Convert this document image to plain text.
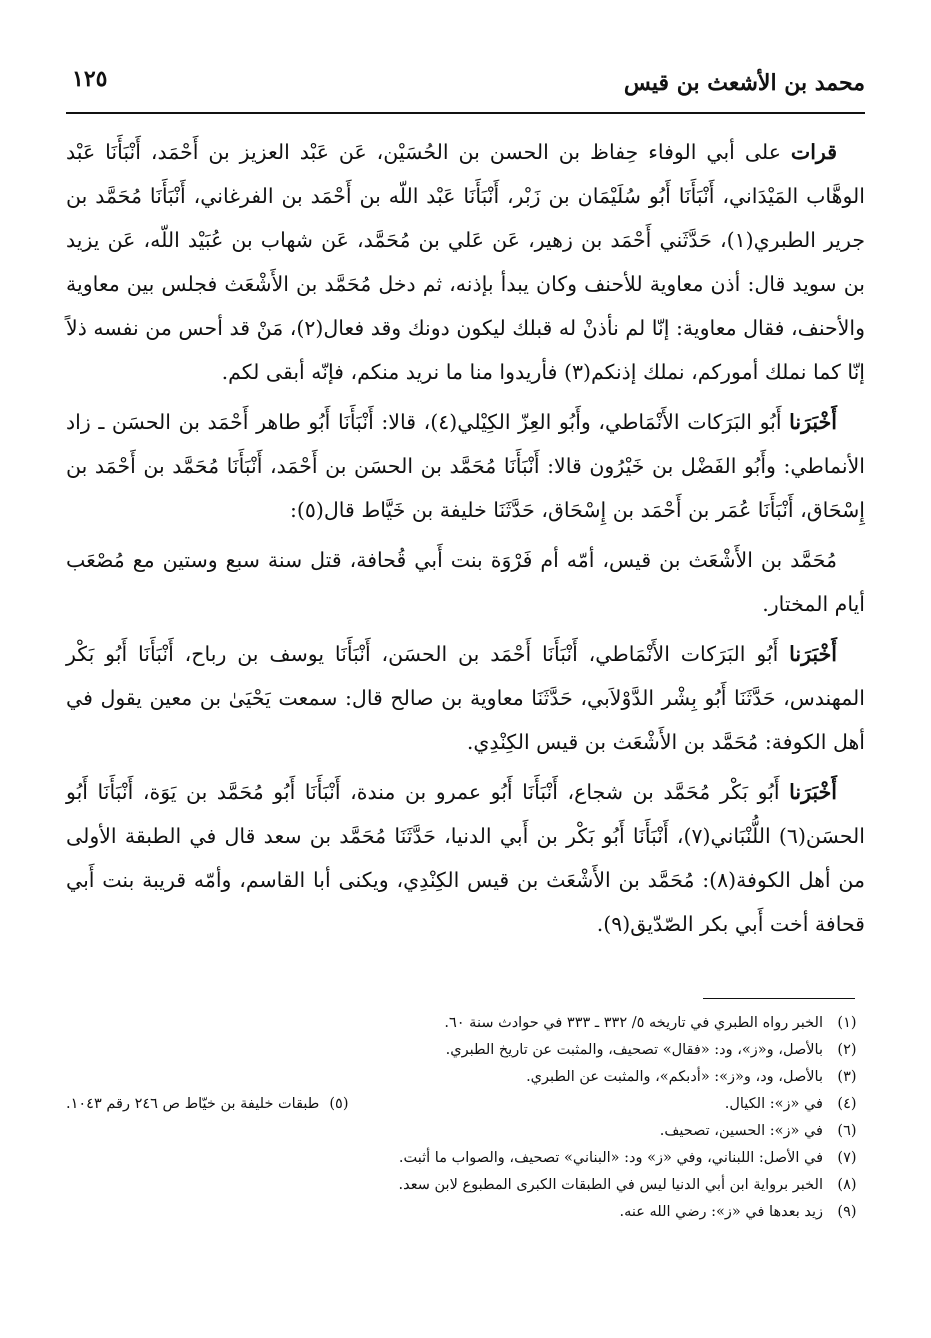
محمد بن الأشعث بن قيس
١٢٥

قرات على أبي الوفاء حِفاظ بن الحسن بن الحُسَيْن، عَن عَبْد العزيز بن أَحْمَد، أَنْبَأَنَا عَبْد الوهَّاب المَيْدَاني، أَنْبَأَنَا أَبُو سُلَيْمَان بن زَبْر، أَنْبَأَنَا عَبْد اللّه بن أَحْمَد بن الفرغاني، أَنْبَأَنَا مُحَمَّد بن جرير الطبري(١)، حَدَّثَني أَحْمَد بن زهير، عَن عَلي بن مُحَمَّد، عَن شهاب بن عُبَيْد اللّه، عَن يزيد بن سويد قال: أذن معاوية للأحنف وكان يبدأ بإذنه، ثم دخل مُحَمَّد بن الأَشْعَث فجلس بين معاوية والأحنف، فقال معاوية: إنّا لم نأذنْ له قبلك ليكون دونك وقد فعال(٢)، مَنْ قد أحس من نفسه ذلاً إنّا كما نملك أموركم، نملك إذنكم(٣) فأريدوا منا ما نريد منكم، فإنّه أبقى لكم.

أَخْبَرَنا أَبُو البَرَكات الأَنْمَاطي، وأَبُو العِزّ الكِيْلي(٤)، قالا: أَنْبَأَنَا أَبُو طاهر أَحْمَد بن الحسَن ـ زاد الأنماطي: وأَبُو الفَضْل بن خَيْرُون قالا: أَنْبَأَنَا مُحَمَّد بن الحسَن بن أَحْمَد، أَنْبَأَنَا مُحَمَّد بن أَحْمَد بن إِسْحَاق، أَنْبَأَنَا عُمَر بن أَحْمَد بن إِسْحَاق، حَدَّثَنَا خليفة بن خَيَّاط قال(٥):

مُحَمَّد بن الأَشْعَث بن قيس، أمّه أم فَرْوَة بنت أَبي قُحافة، قتل سنة سبع وستين مع مُصْعَب أيام المختار.

أَخْبَرَنا أَبُو البَرَكات الأَنْمَاطي، أَنْبَأَنَا أَحْمَد بن الحسَن، أَنْبَأَنَا يوسف بن رباح، أَنْبَأَنَا أَبُو بَكْر المهندس، حَدَّثَنَا أَبُو بِشْر الدَّوْلاَبي، حَدَّثَنَا معاوية بن صالح قال: سمعت يَحْيَىٰ بن معين يقول في أهل الكوفة: مُحَمَّد بن الأَشْعَث بن قيس الكِنْدِي.

أَخْبَرَنا أَبُو بَكْر مُحَمَّد بن شجاع، أَنْبَأَنَا أَبُو عمرو بن مندة، أَنْبَأَنَا أَبُو مُحَمَّد بن يَوَة، أَنْبَأَنَا أَبُو الحسَن(٦) اللُّنْبَاني(٧)، أَنْبَأَنَا أَبُو بَكْر بن أَبي الدنيا، حَدَّثَنَا مُحَمَّد بن سعد قال في الطبقة الأولى من أهل الكوفة(٨): مُحَمَّد بن الأَشْعَث بن قيس الكِنْدِي، ويكنى أبا القاسم، وأمّه قريبة بنت أَبي قحافة أخت أَبي بكر الصّدّيق(٩).

(١)
الخبر رواه الطبري في تاريخه ٥/ ٣٣٢ ـ ٣٣٣ في حوادث سنة ٦٠.
(٢)
بالأصل، و«ز»، ود: «فقال» تصحيف، والمثبت عن تاريخ الطبري.
(٣)
بالأصل، ود، و«ز»: «أدبكم»، والمثبت عن الطبري.
(٤)
في «ز»: الكيال.
(٥)طبقات خليفة بن خيّاط ص ٢٤٦ رقم ١٠٤٣.
(٦)
في «ز»: الحسين، تصحيف.
(٧)
في الأصل: اللبناني، وفي «ز» ود: «البناني» تصحيف، والصواب ما أثبت.
(٨)
الخبر برواية ابن أبي الدنيا ليس في الطبقات الكبرى المطبوع لابن سعد.
(٩)
زيد بعدها في «ز»: رضي الله عنه.
